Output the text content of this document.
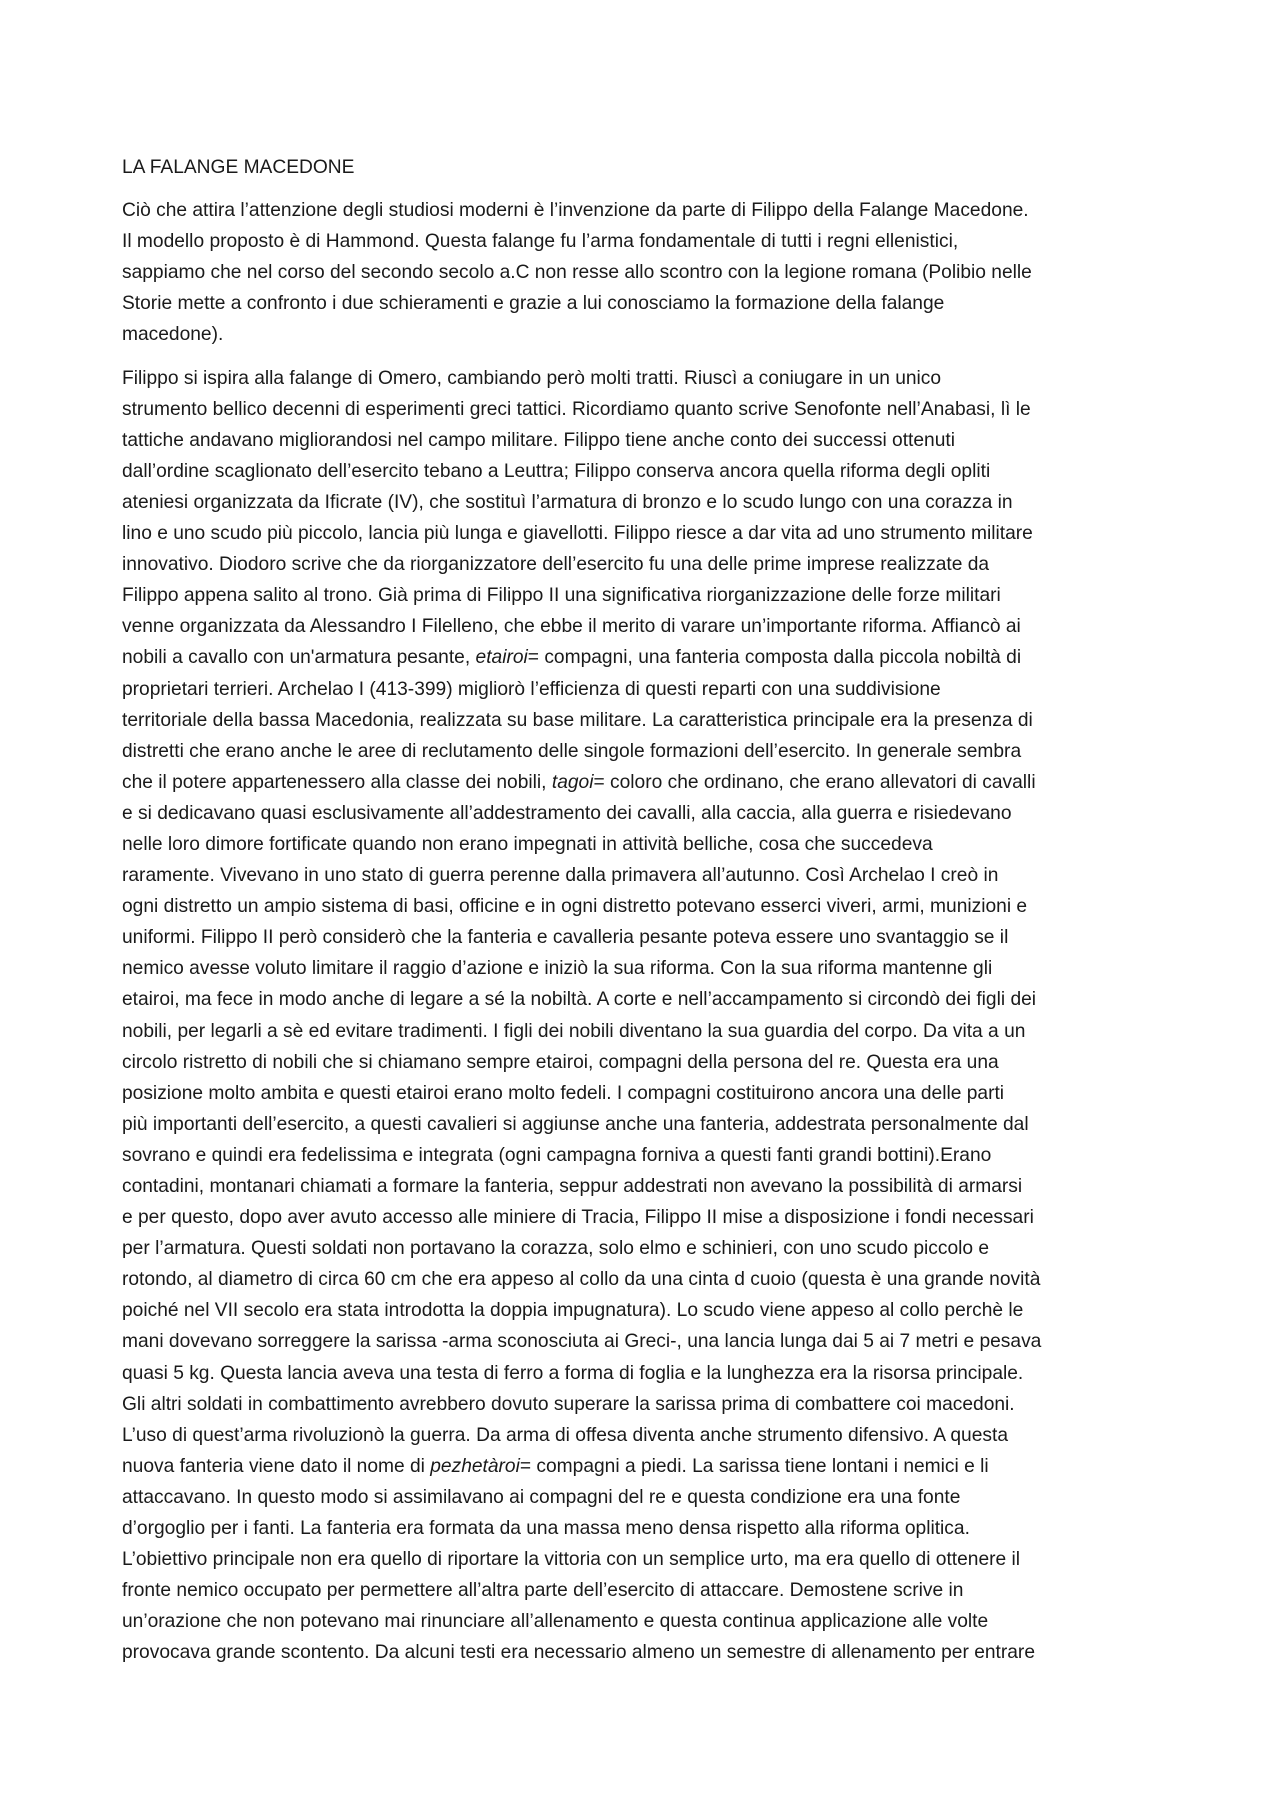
LA FALANGE MACEDONE
Ciò che attira l’attenzione degli studiosi moderni è l’invenzione da parte di Filippo della Falange Macedone.
Il modello proposto è di Hammond. Questa falange fu l’arma fondamentale di tutti i regni ellenistici,
sappiamo che nel corso del secondo secolo a.C non resse allo scontro con la legione romana (Polibio nelle
Storie mette a confronto i due schieramenti e grazie a lui conosciamo la formazione della falange
macedone).
Filippo si ispira alla falange di Omero, cambiando però molti tratti. Riuscì a coniugare in un unico
strumento bellico decenni di esperimenti greci tattici. Ricordiamo quanto scrive Senofonte nell’Anabasi, lì le
tattiche andavano migliorandosi nel campo militare. Filippo tiene anche conto dei successi ottenuti
dall’ordine scaglionato dell’esercito tebano a Leuttra; Filippo conserva ancora quella riforma degli opliti
ateniesi organizzata da Ificrate (IV), che sostituì l’armatura di bronzo e lo scudo lungo con una corazza in
lino e uno scudo più piccolo, lancia più lunga e giavellotti. Filippo riesce a dar vita ad uno strumento militare
innovativo. Diodoro scrive che da riorganizzatore dell’esercito fu una delle prime imprese realizzate da
Filippo appena salito al trono. Già prima di Filippo II una significativa riorganizzazione delle forze militari
venne organizzata da Alessandro I Filelleno, che ebbe il merito di varare un’importante riforma. Affiancò ai
nobili a cavallo con un'armatura pesante, etairoi= compagni, una fanteria composta dalla piccola nobiltà di
proprietari terrieri. Archelao I (413-399) migliorò l’efficienza di questi reparti con una suddivisione
territoriale della bassa Macedonia, realizzata su base militare. La caratteristica principale era la presenza di
distretti che erano anche le aree di reclutamento delle singole formazioni dell’esercito. In generale sembra
che il potere appartenessero alla classe dei nobili, tagoi= coloro che ordinano, che erano allevatori di cavalli
e si dedicavano quasi esclusivamente all’addestramento dei cavalli, alla caccia, alla guerra e risiedevano
nelle loro dimore fortificate quando non erano impegnati in attività belliche, cosa che succedeva
raramente. Vivevano in uno stato di guerra perenne dalla primavera all’autunno. Così Archelao I creò in
ogni distretto un ampio sistema di basi, officine e in ogni distretto potevano esserci viveri, armi, munizioni e
uniformi. Filippo II però considerò che la fanteria e cavalleria pesante poteva essere uno svantaggio se il
nemico avesse voluto limitare il raggio d’azione e iniziò la sua riforma. Con la sua riforma mantenne gli
etairoi, ma fece in modo anche di legare a sé la nobiltà. A corte e nell’accampamento si circondò dei figli dei
nobili, per legarli a sè ed evitare tradimenti. I figli dei nobili diventano la sua guardia del corpo. Da vita a un
circolo ristretto di nobili che si chiamano sempre etairoi, compagni della persona del re. Questa era una
posizione molto ambita e questi etairoi erano molto fedeli. I compagni costituirono ancora una delle parti
più importanti dell’esercito, a questi cavalieri si aggiunse anche una fanteria, addestrata personalmente dal
sovrano e quindi era fedelissima e integrata (ogni campagna forniva a questi fanti grandi bottini).Erano
contadini, montanari chiamati a formare la fanteria, seppur addestrati non avevano la possibilità di armarsi
e per questo, dopo aver avuto accesso alle miniere di Tracia, Filippo II mise a disposizione i fondi necessari
per l’armatura. Questi soldati non portavano la corazza, solo elmo e schinieri, con uno scudo piccolo e
rotondo, al diametro di circa 60 cm che era appeso al collo da una cinta d cuoio (questa è una grande novità
poiché nel VII secolo era stata introdotta la doppia impugnatura). Lo scudo viene appeso al collo perchè le
mani dovevano sorreggere la sarissa -arma sconosciuta ai Greci-, una lancia lunga dai 5 ai 7 metri e pesava
quasi 5 kg. Questa lancia aveva una testa di ferro a forma di foglia e la lunghezza era la risorsa principale.
Gli altri soldati in combattimento avrebbero dovuto superare la sarissa prima di combattere coi macedoni.
L’uso di quest’arma rivoluzionò la guerra. Da arma di offesa diventa anche strumento difensivo. A questa
nuova fanteria viene dato il nome di pezhetàroi= compagni a piedi. La sarissa tiene lontani i nemici e li
attaccavano. In questo modo si assimilavano ai compagni del re e questa condizione era una fonte
d’orgoglio per i fanti. La fanteria era formata da una massa meno densa rispetto alla riforma oplitica.
L’obiettivo principale non era quello di riportare la vittoria con un semplice urto, ma era quello di ottenere il
fronte nemico occupato per permettere all’altra parte dell’esercito di attaccare. Demostene scrive in
un’orazione che non potevano mai rinunciare all’allenamento e questa continua applicazione alle volte
provocava grande scontento. Da alcuni testi era necessario almeno un semestre di allenamento per entrare
